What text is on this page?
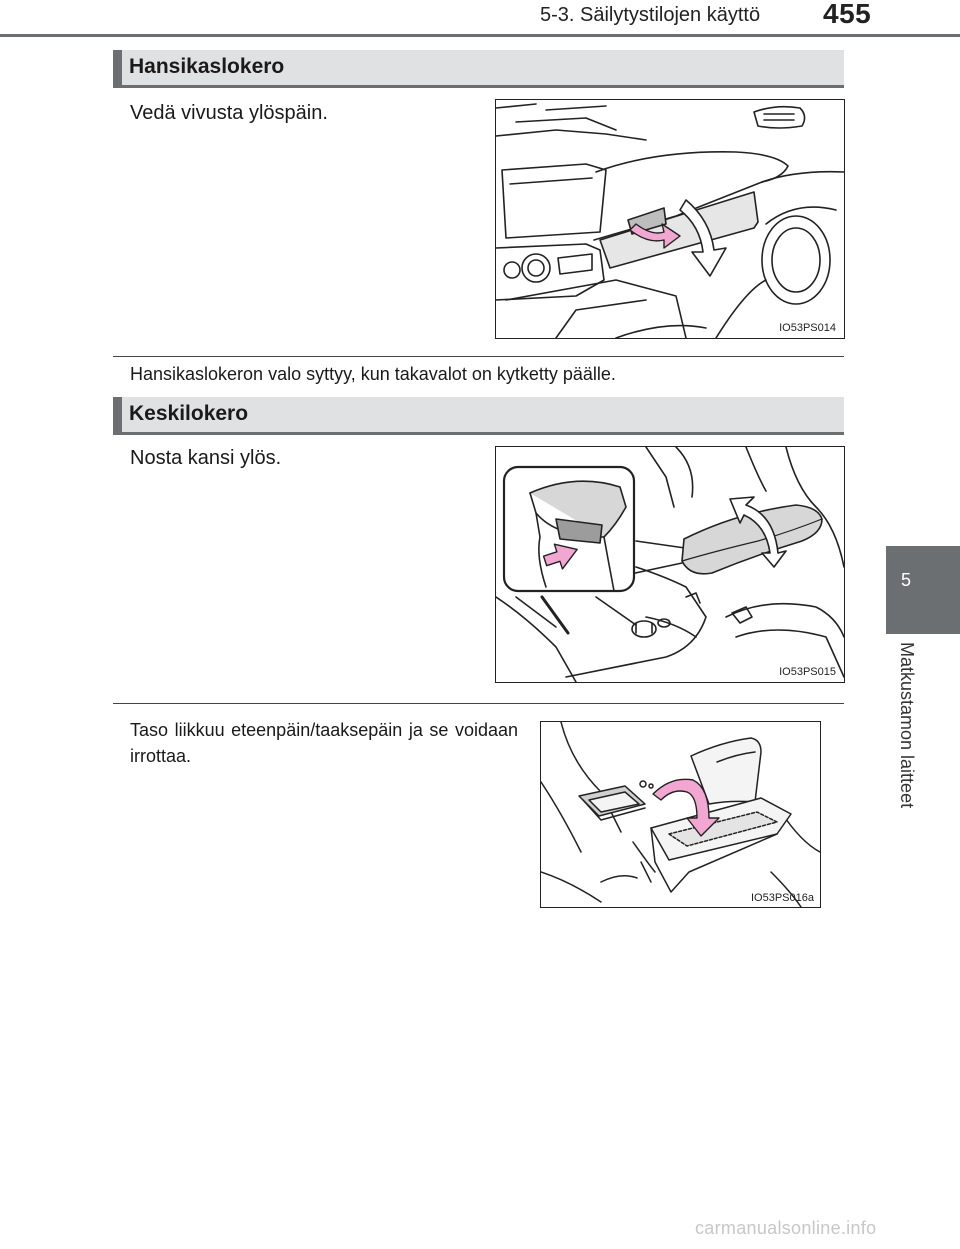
5-3. Säilytystilojen käyttö 455
5
Matkustamon laitteet
Hansikaslokero
Vedä vivusta ylöspäin.
IO53PS014
Hansikaslokeron valo syttyy, kun takavalot on kytketty päälle.
Keskilokero
Nosta kansi ylös.
IO53PS015
Taso liikkuu eteenpäin/taaksepäin ja se voidaan irrottaa.
IO53PS016a
carmanualsonline.info
